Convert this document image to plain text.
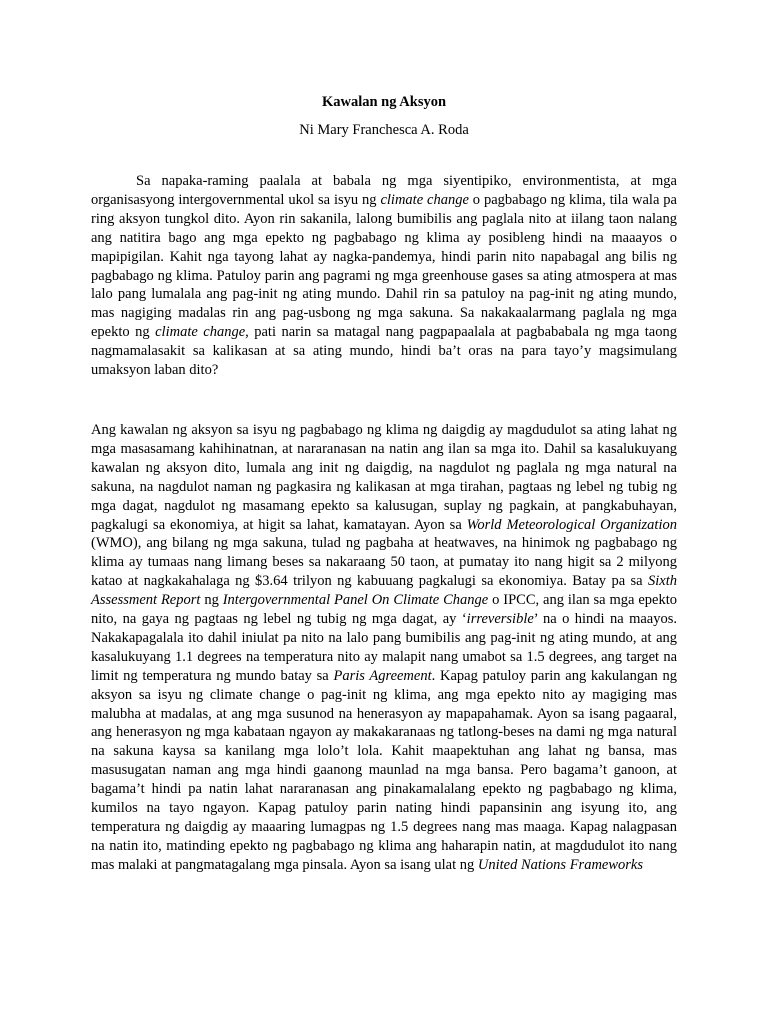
Kawalan ng Aksyon

Ni Mary Franchesca A. Roda

Sa napaka-raming paalala at babala ng mga siyentipiko, environmentista, at mga organisasyong intergovernmental ukol sa isyu ng climate change o pagbabago ng klima, tila wala pa ring aksyon tungkol dito. Ayon rin sakanila, lalong bumibilis ang paglala nito at iilang taon nalang ang natitira bago ang mga epekto ng pagbabago ng klima ay posibleng hindi na maaayos o mapipigilan. Kahit nga tayong lahat ay nagka-pandemya, hindi parin nito napabagal ang bilis ng pagbabago ng klima. Patuloy parin ang pagrami ng mga greenhouse gases sa ating atmospera at mas lalo pang lumalala ang pag-init ng ating mundo. Dahil rin sa patuloy na pag-init ng ating mundo, mas nagiging madalas rin ang pag-usbong ng mga sakuna. Sa nakakaalarmang paglala ng mga epekto ng climate change, pati narin sa matagal nang pagpapaalala at pagbababala ng mga taong nagmamalasakit sa kalikasan at sa ating mundo, hindi ba’t oras na para tayo’y magsimulang umaksyon laban dito?

Ang kawalan ng aksyon sa isyu ng pagbabago ng klima ng daigdig ay magdudulot sa ating lahat ng mga masasamang kahihinatnan, at nararanasan na natin ang ilan sa mga ito. Dahil sa kasalukuyang kawalan ng aksyon dito, lumala ang init ng daigdig, na nagdulot ng paglala ng mga natural na sakuna, na nagdulot naman ng pagkasira ng kalikasan at mga tirahan, pagtaas ng lebel ng tubig ng mga dagat, nagdulot ng masamang epekto sa kalusugan, suplay ng pagkain, at pangkabuhayan, pagkalugi sa ekonomiya, at higit sa lahat, kamatayan. Ayon sa World Meteorological Organization (WMO), ang bilang ng mga sakuna, tulad ng pagbaha at heatwaves, na hinimok ng pagbabago ng klima ay tumaas nang limang beses sa nakaraang 50 taon, at pumatay ito nang higit sa 2 milyong katao at nagkakahalaga ng $3.64 trilyon ng kabuuang pagkalugi sa ekonomiya. Batay pa sa Sixth Assessment Report ng Intergovernmental Panel On Climate Change o IPCC, ang ilan sa mga epekto nito, na gaya ng pagtaas ng lebel ng tubig ng mga dagat, ay ‘irreversible’ na o hindi na maayos. Nakakapagalala ito dahil iniulat pa nito na lalo pang bumibilis ang pag-init ng ating mundo, at ang kasalukuyang 1.1 degrees na temperatura nito ay malapit nang umabot sa 1.5 degrees, ang target na limit ng temperatura ng mundo batay sa Paris Agreement. Kapag patuloy parin ang kakulangan ng aksyon sa isyu ng climate change o pag-init ng klima, ang mga epekto nito ay magiging mas malubha at madalas, at ang mga susunod na henerasyon ay mapapahamak. Ayon sa isang pagaaral, ang henerasyon ng mga kabataan ngayon ay makakaranaas ng tatlong-beses na dami ng mga natural na sakuna kaysa sa kanilang mga lolo’t lola. Kahit maapektuhan ang lahat ng bansa, mas masusugatan naman ang mga hindi gaanong maunlad na mga bansa. Pero bagama’t ganoon, at bagama’t hindi pa natin lahat nararanasan ang pinakamalalang epekto ng pagbabago ng klima, kumilos na tayo ngayon. Kapag patuloy parin nating hindi papansinin ang isyung ito, ang temperatura ng daigdig ay maaaring lumagpas ng 1.5 degrees nang mas maaga. Kapag nalagpasan na natin ito, matinding epekto ng pagbabago ng klima ang haharapin natin, at magdudulot ito nang mas malaki at pangmatagalang mga pinsala. Ayon sa isang ulat ng United Nations Frameworks
